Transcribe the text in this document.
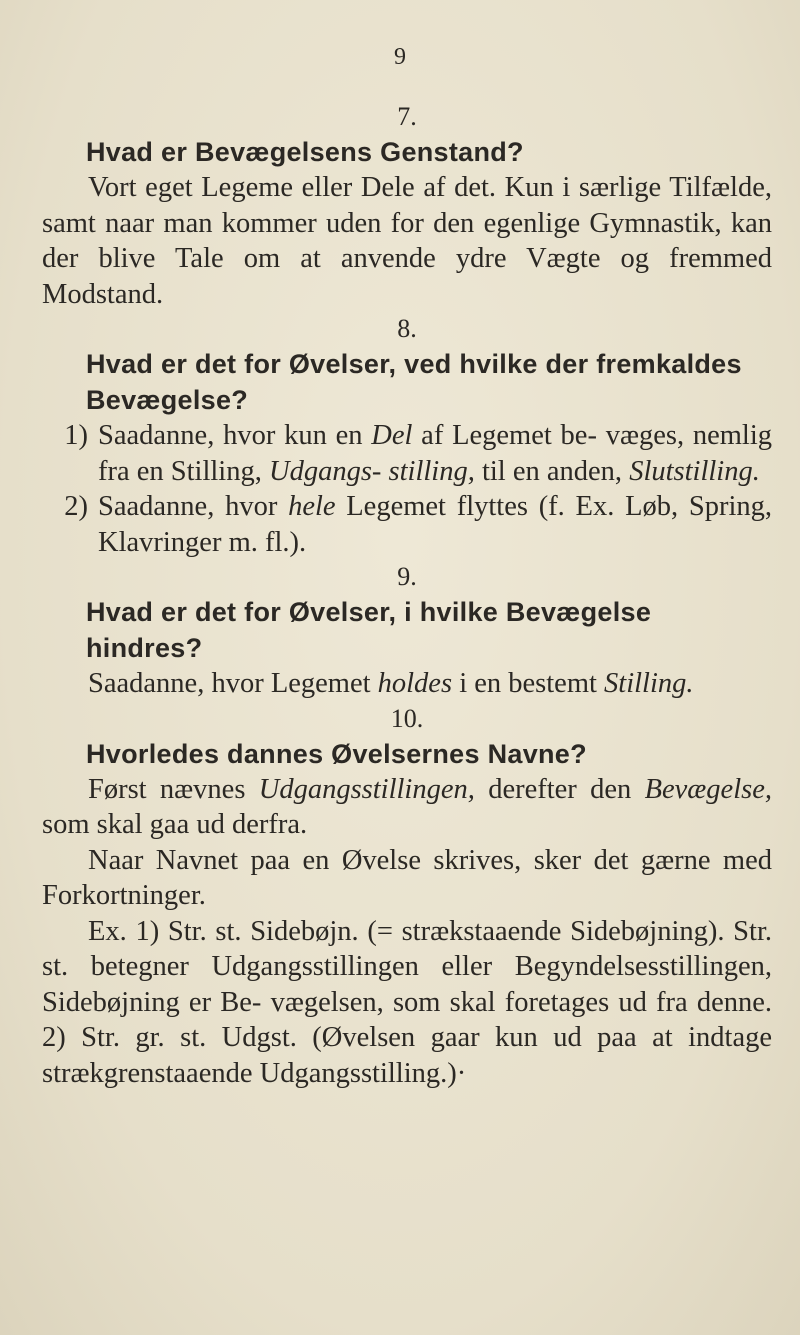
9
7.
Hvad er Bevægelsens Genstand?
Vort eget Legeme eller Dele af det. Kun i særlige Tilfælde, samt naar man kommer uden for den egenlige Gymnastik, kan der blive Tale om at anvende ydre Vægte og fremmed Modstand.
8.
Hvad er det for Øvelser, ved hvilke der fremkaldes Bevægelse?
1) Saadanne, hvor kun en Del af Legemet be- væges, nemlig fra en Stilling, Udgangs- stilling, til en anden, Slutstilling.
2) Saadanne, hvor hele Legemet flyttes (f. Ex. Løb, Spring, Klavringer m. fl.).
9.
Hvad er det for Øvelser, i hvilke Bevægelse hindres?
Saadanne, hvor Legemet holdes i en bestemt Stilling.
10.
Hvorledes dannes Øvelsernes Navne?
Først nævnes Udgangsstillingen, derefter den Bevægelse, som skal gaa ud derfra.
Naar Navnet paa en Øvelse skrives, sker det gærne med Forkortninger.
Ex. 1) Str. st. Sidebøjn. (= strækstaaende Sidebøjning). Str. st. betegner Udgangsstillingen eller Begyndelsesstillingen, Sidebøjning er Be- vægelsen, som skal foretages ud fra denne. 2) Str. gr. st. Udgst. (Øvelsen gaar kun ud paa at indtage strækgrenstaaende Udgangsstilling.)·
